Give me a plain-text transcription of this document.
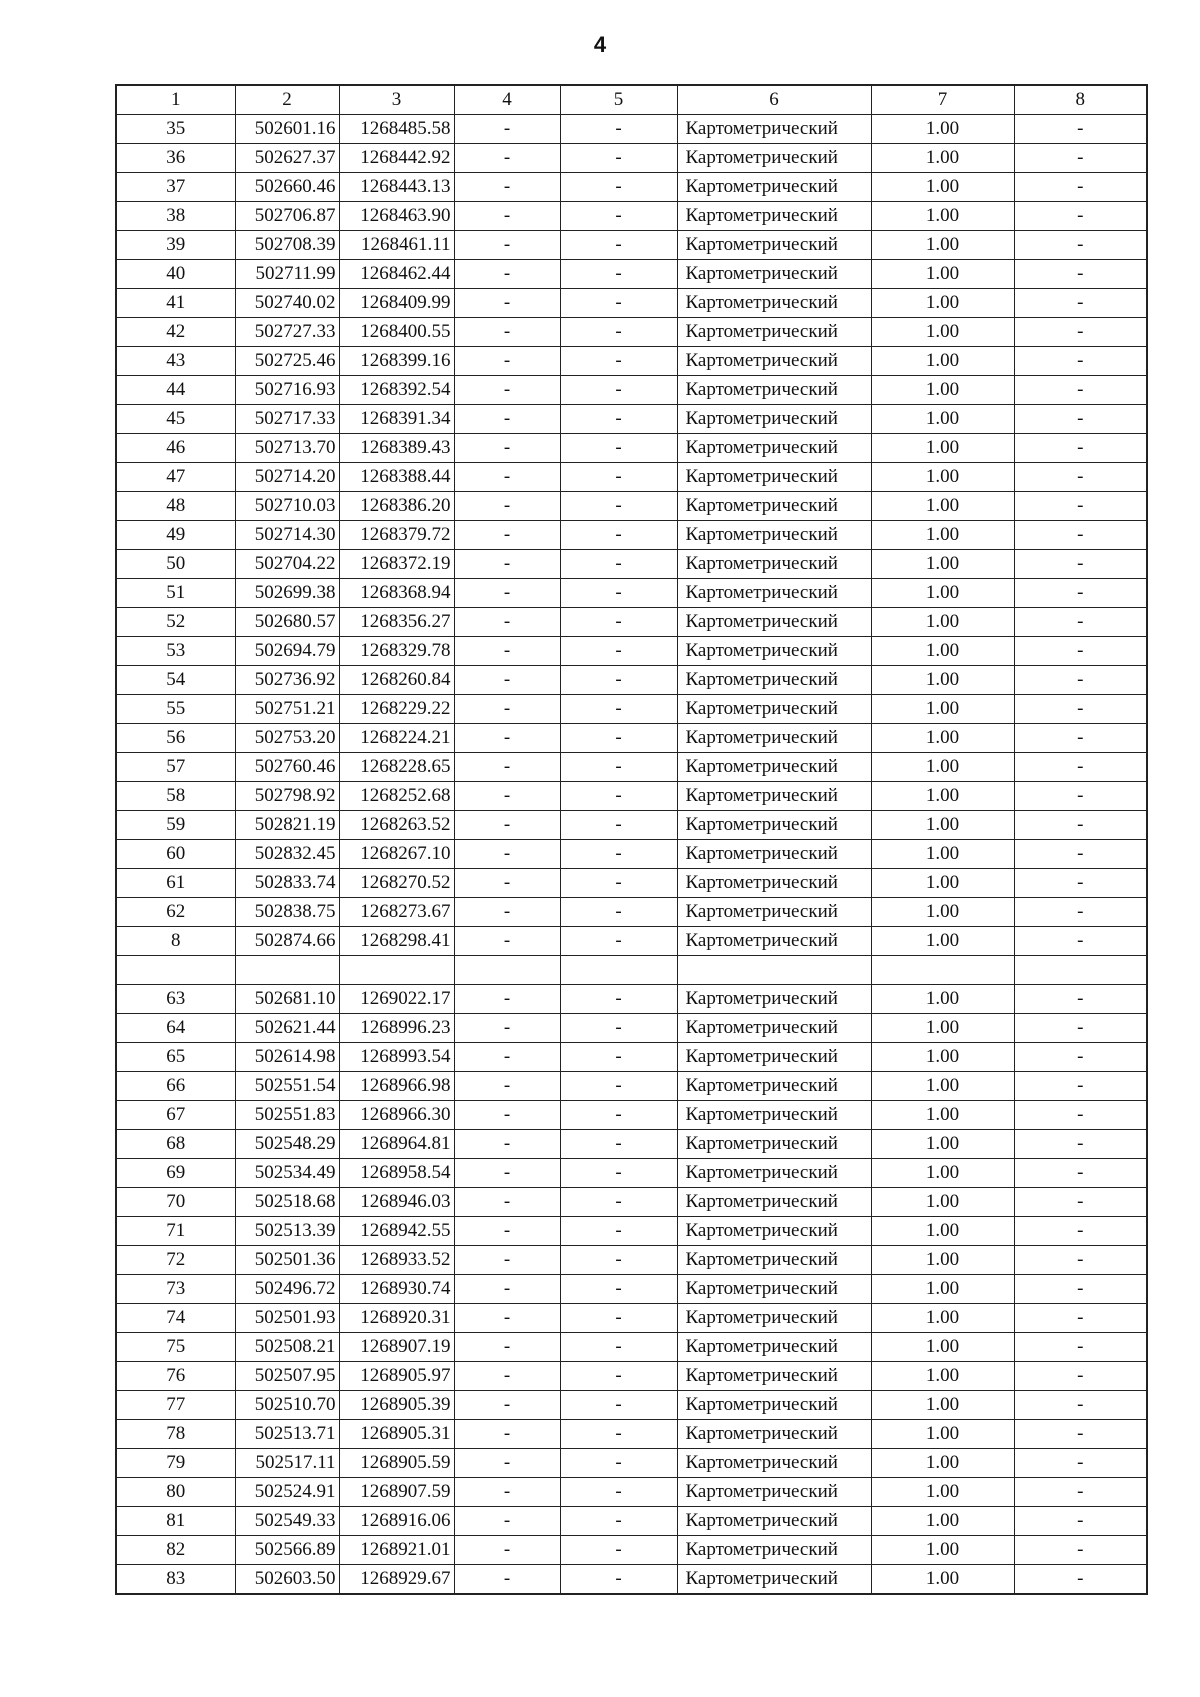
4
1	2	3	4	5	6	7	8
35	502601.16	1268485.58	-	-	Картометрический	1.00	-
36	502627.37	1268442.92	-	-	Картометрический	1.00	-
37	502660.46	1268443.13	-	-	Картометрический	1.00	-
38	502706.87	1268463.90	-	-	Картометрический	1.00	-
39	502708.39	1268461.11	-	-	Картометрический	1.00	-
40	502711.99	1268462.44	-	-	Картометрический	1.00	-
41	502740.02	1268409.99	-	-	Картометрический	1.00	-
42	502727.33	1268400.55	-	-	Картометрический	1.00	-
43	502725.46	1268399.16	-	-	Картометрический	1.00	-
44	502716.93	1268392.54	-	-	Картометрический	1.00	-
45	502717.33	1268391.34	-	-	Картометрический	1.00	-
46	502713.70	1268389.43	-	-	Картометрический	1.00	-
47	502714.20	1268388.44	-	-	Картометрический	1.00	-
48	502710.03	1268386.20	-	-	Картометрический	1.00	-
49	502714.30	1268379.72	-	-	Картометрический	1.00	-
50	502704.22	1268372.19	-	-	Картометрический	1.00	-
51	502699.38	1268368.94	-	-	Картометрический	1.00	-
52	502680.57	1268356.27	-	-	Картометрический	1.00	-
53	502694.79	1268329.78	-	-	Картометрический	1.00	-
54	502736.92	1268260.84	-	-	Картометрический	1.00	-
55	502751.21	1268229.22	-	-	Картометрический	1.00	-
56	502753.20	1268224.21	-	-	Картометрический	1.00	-
57	502760.46	1268228.65	-	-	Картометрический	1.00	-
58	502798.92	1268252.68	-	-	Картометрический	1.00	-
59	502821.19	1268263.52	-	-	Картометрический	1.00	-
60	502832.45	1268267.10	-	-	Картометрический	1.00	-
61	502833.74	1268270.52	-	-	Картометрический	1.00	-
62	502838.75	1268273.67	-	-	Картометрический	1.00	-
8	502874.66	1268298.41	-	-	Картометрический	1.00	-

63	502681.10	1269022.17	-	-	Картометрический	1.00	-
64	502621.44	1268996.23	-	-	Картометрический	1.00	-
65	502614.98	1268993.54	-	-	Картометрический	1.00	-
66	502551.54	1268966.98	-	-	Картометрический	1.00	-
67	502551.83	1268966.30	-	-	Картометрический	1.00	-
68	502548.29	1268964.81	-	-	Картометрический	1.00	-
69	502534.49	1268958.54	-	-	Картометрический	1.00	-
70	502518.68	1268946.03	-	-	Картометрический	1.00	-
71	502513.39	1268942.55	-	-	Картометрический	1.00	-
72	502501.36	1268933.52	-	-	Картометрический	1.00	-
73	502496.72	1268930.74	-	-	Картометрический	1.00	-
74	502501.93	1268920.31	-	-	Картометрический	1.00	-
75	502508.21	1268907.19	-	-	Картометрический	1.00	-
76	502507.95	1268905.97	-	-	Картометрический	1.00	-
77	502510.70	1268905.39	-	-	Картометрический	1.00	-
78	502513.71	1268905.31	-	-	Картометрический	1.00	-
79	502517.11	1268905.59	-	-	Картометрический	1.00	-
80	502524.91	1268907.59	-	-	Картометрический	1.00	-
81	502549.33	1268916.06	-	-	Картометрический	1.00	-
82	502566.89	1268921.01	-	-	Картометрический	1.00	-
83	502603.50	1268929.67	-	-	Картометрический	1.00	-
